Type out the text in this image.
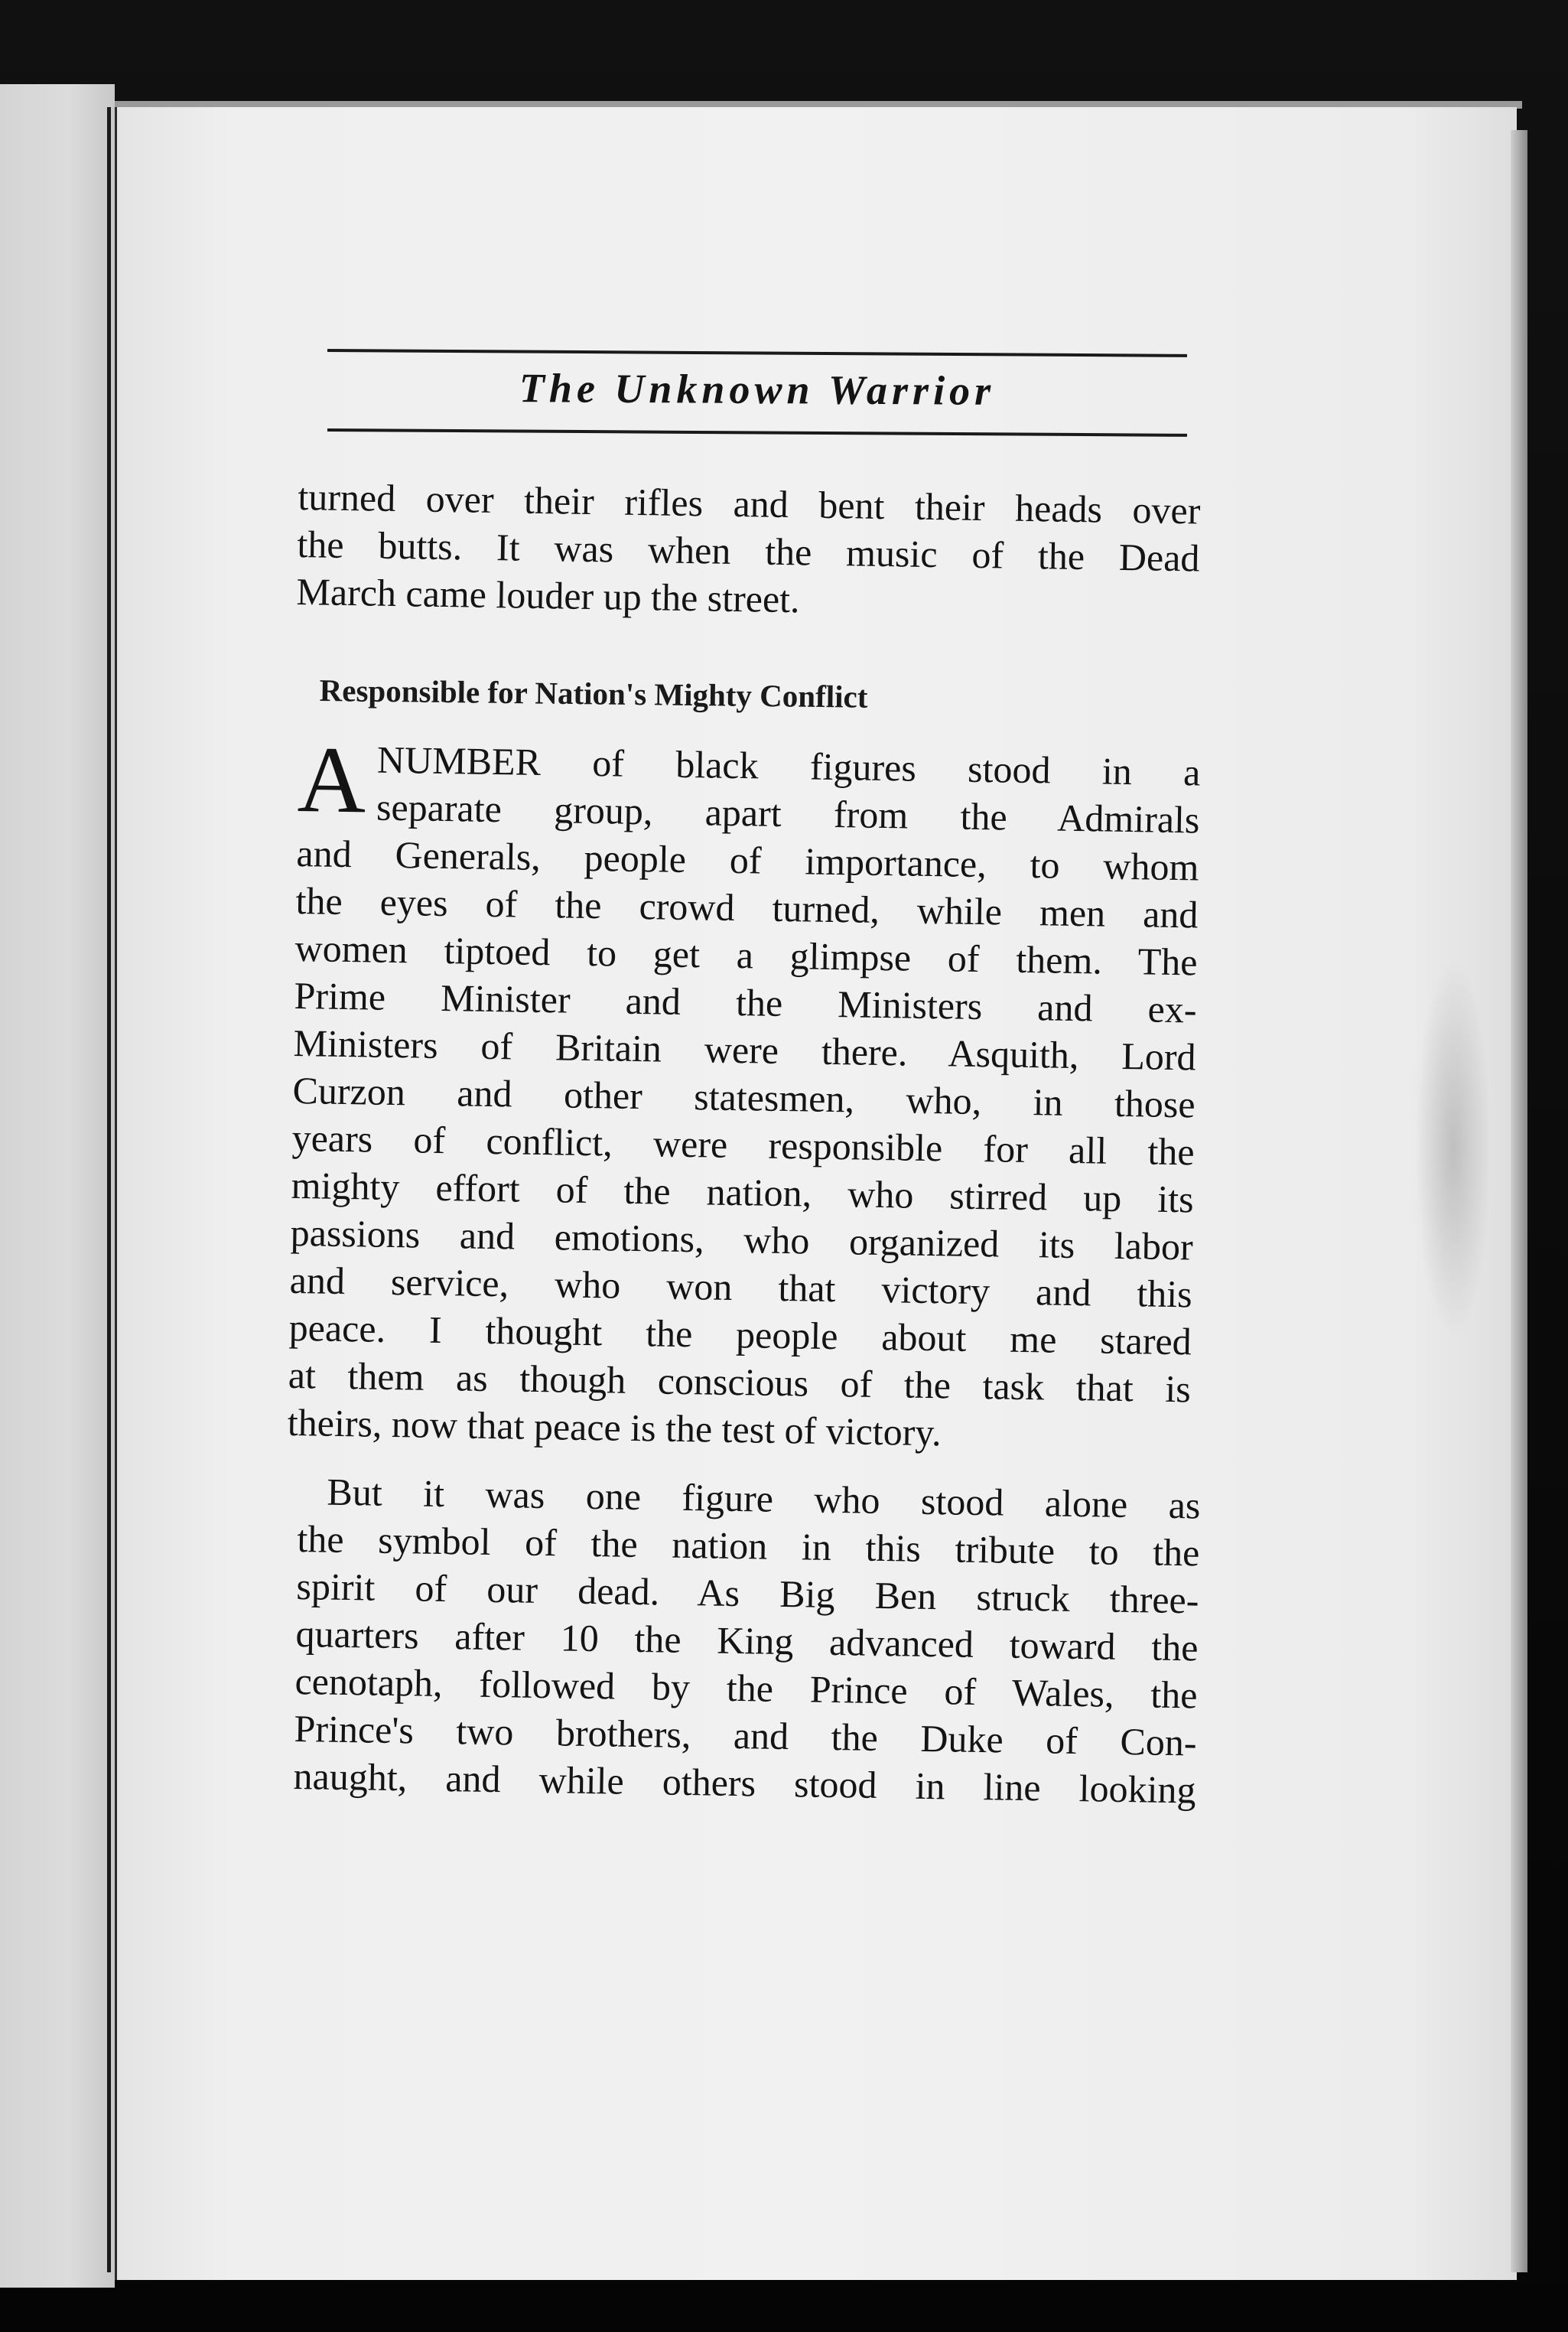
The Unknown Warrior
turned over their rifles and bent their heads over
the butts. It was when the music of the Dead
March came louder up the street.
Responsible for Nation's Mighty Conflict
A NUMBER of black figures stood in a
separate group, apart from the Admirals
and Generals, people of importance, to whom
the eyes of the crowd turned, while men and
women tiptoed to get a glimpse of them. The
Prime Minister and the Ministers and ex-
Ministers of Britain were there. Asquith, Lord
Curzon and other statesmen, who, in those
years of conflict, were responsible for all the
mighty effort of the nation, who stirred up its
passions and emotions, who organized its labor
and service, who won that victory and this
peace. I thought the people about me stared
at them as though conscious of the task that is
theirs, now that peace is the test of victory.
But it was one figure who stood alone as
the symbol of the nation in this tribute to the
spirit of our dead. As Big Ben struck three-
quarters after 10 the King advanced toward the
cenotaph, followed by the Prince of Wales, the
Prince's two brothers, and the Duke of Con-
naught, and while others stood in line looking
